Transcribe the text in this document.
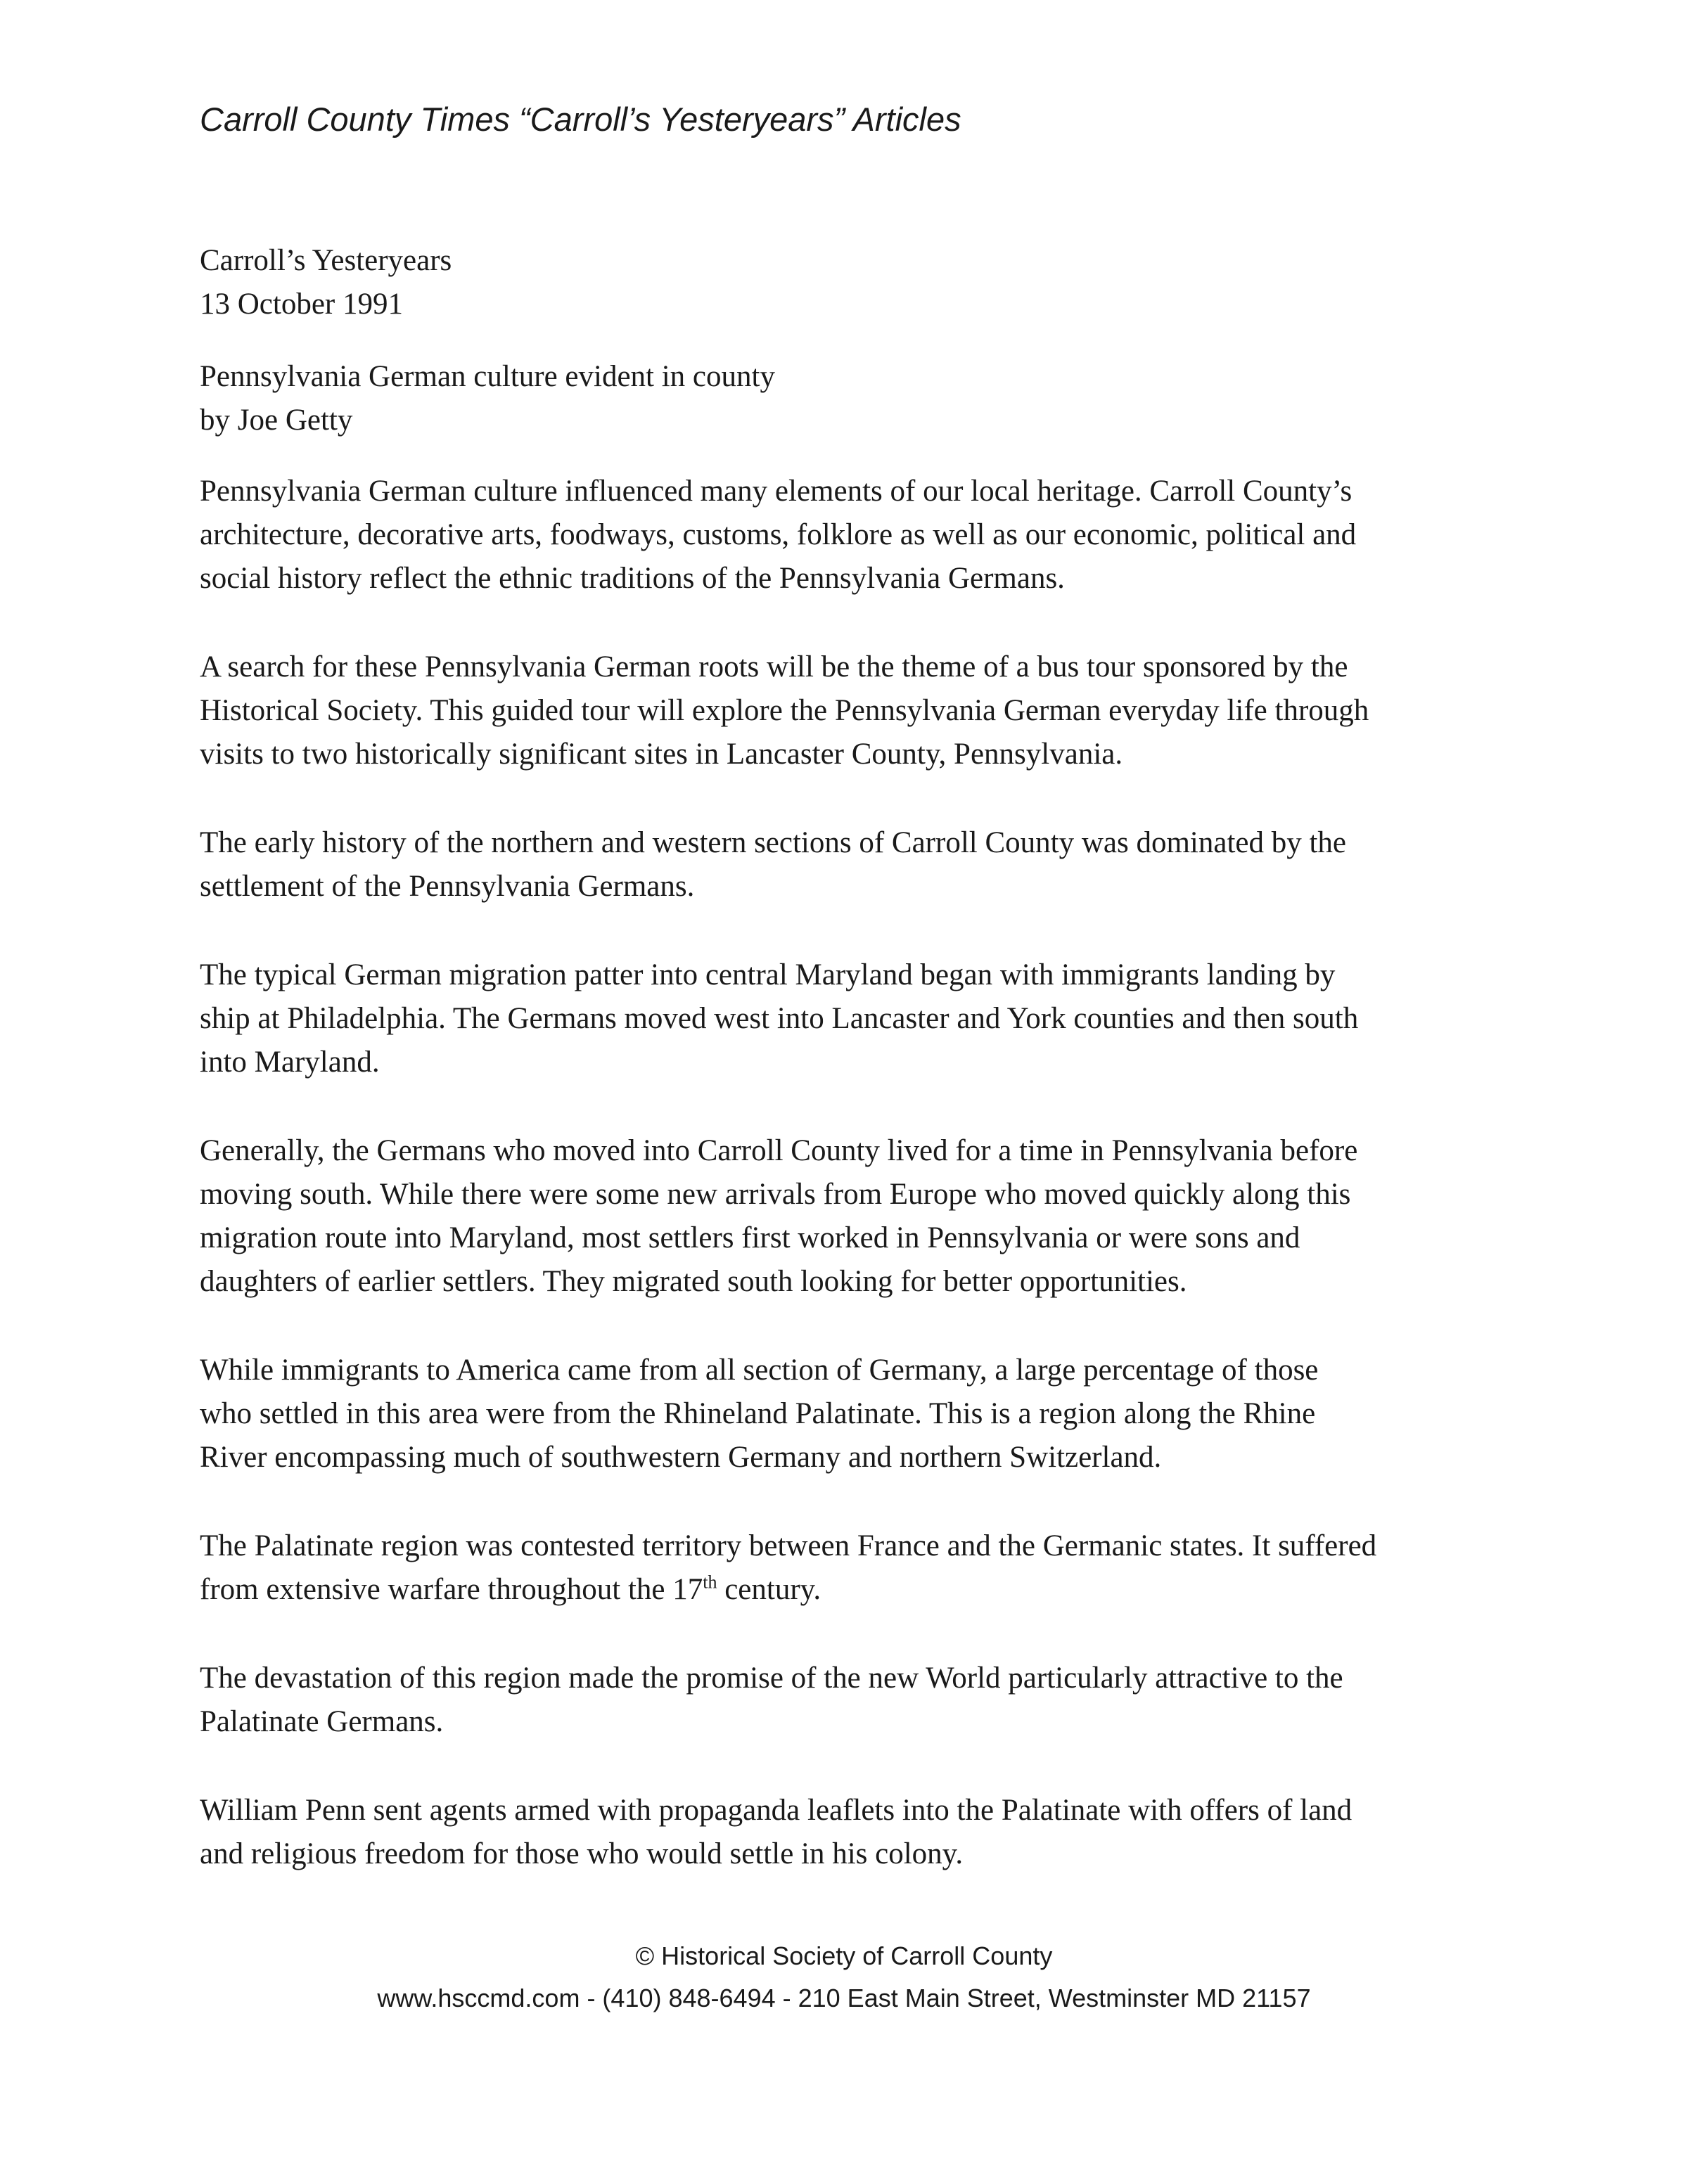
Carroll County Times “Carroll’s Yesteryears” Articles
Carroll’s Yesteryears
13 October 1991
Pennsylvania German culture evident in county
by Joe Getty
Pennsylvania German culture influenced many elements of our local heritage. Carroll County’s
architecture, decorative arts, foodways, customs, folklore as well as our economic, political and
social history reflect the ethnic traditions of the Pennsylvania Germans.
A search for these Pennsylvania German roots will be the theme of a bus tour sponsored by the
Historical Society. This guided tour will explore the Pennsylvania German everyday life through
visits to two historically significant sites in Lancaster County, Pennsylvania.
The early history of the northern and western sections of Carroll County was dominated by the
settlement of the Pennsylvania Germans.
The typical German migration patter into central Maryland began with immigrants landing by
ship at Philadelphia. The Germans moved west into Lancaster and York counties and then south
into Maryland.
Generally, the Germans who moved into Carroll County lived for a time in Pennsylvania before
moving south. While there were some new arrivals from Europe who moved quickly along this
migration route into Maryland, most settlers first worked in Pennsylvania or were sons and
daughters of earlier settlers. They migrated south looking for better opportunities.
While immigrants to America came from all section of Germany, a large percentage of those
who settled in this area were from the Rhineland Palatinate. This is a region along the Rhine
River encompassing much of southwestern Germany and northern Switzerland.
The Palatinate region was contested territory between France and the Germanic states. It suffered
from extensive warfare throughout the 17th century.
The devastation of this region made the promise of the new World particularly attractive to the
Palatinate Germans.
William Penn sent agents armed with propaganda leaflets into the Palatinate with offers of land
and religious freedom for those who would settle in his colony.
© Historical Society of Carroll County
www.hsccmd.com - (410) 848-6494 - 210 East Main Street, Westminster MD 21157
